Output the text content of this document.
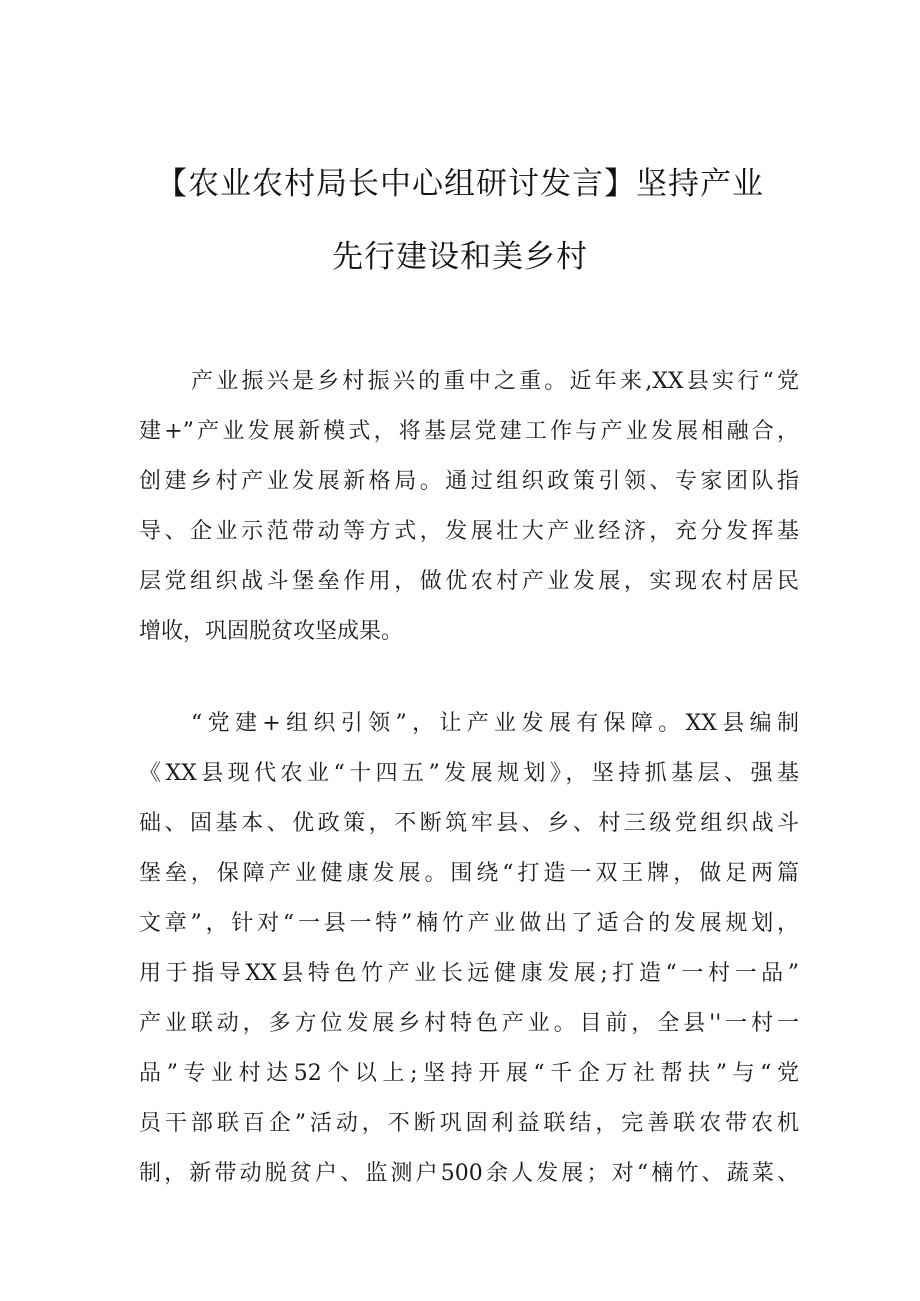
【农业农村局长中心组研讨发言】坚持产业
先行建设和美乡村
产业振兴是乡村振兴的重中之重。近年来,XX县实行“党
建+”产业发展新模式，将基层党建工作与产业发展相融合，
创建乡村产业发展新格局。通过组织政策引领、专家团队指
导、企业示范带动等方式，发展壮大产业经济，充分发挥基
层党组织战斗堡垒作用，做优农村产业发展，实现农村居民
增收，巩固脱贫攻坚成果。
“党建+组织引领”，让产业发展有保障。XX县编制
《XX县现代农业“十四五”发展规划》，坚持抓基层、强基
础、固基本、优政策，不断筑牢县、乡、村三级党组织战斗
堡垒，保障产业健康发展。围绕“打造一双王牌，做足两篇
文章”，针对“一县一特”楠竹产业做出了适合的发展规划，
用于指导XX县特色竹产业长远健康发展;打造“一村一品”
产业联动，多方位发展乡村特色产业。目前，全县''一村一
品”专业村达52个以上;坚持开展“千企万社帮扶”与“党
员干部联百企”活动，不断巩固利益联结，完善联农带农机
制，新带动脱贫户、监测户500余人发展；对“楠竹、蔬菜、
